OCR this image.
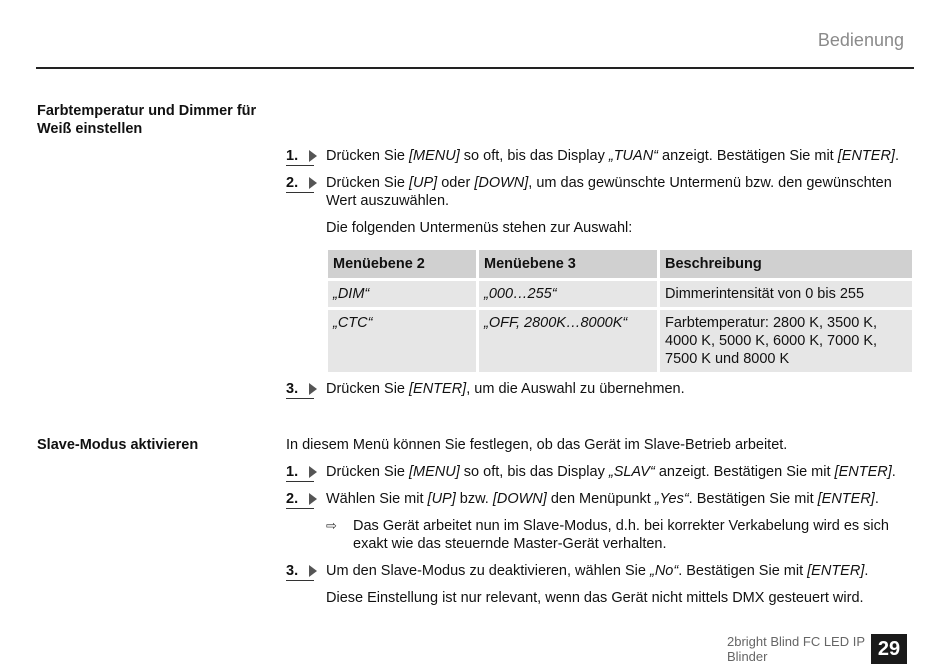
Bedienung
Farbtemperatur und Dimmer für Weiß einstellen
1.	Drücken Sie [MENU] so oft, bis das Display „TUAN“ anzeigt. Bestätigen Sie mit [ENTER].
2.	Drücken Sie [UP] oder [DOWN], um das gewünschte Untermenü bzw. den gewünschten Wert auszuwählen.
Die folgenden Untermenüs stehen zur Auswahl:
Menüebene 2	Menüebene 3	Beschreibung
„DIM“	„000…255“	Dimmerintensität von 0 bis 255
„CTC“	„OFF, 2800K…8000K“	Farbtemperatur: 2800 K, 3500 K, 4000 K, 5000 K, 6000 K, 7000 K, 7500 K und 8000 K
3.	Drücken Sie [ENTER], um die Auswahl zu übernehmen.
Slave-Modus aktivieren	In diesem Menü können Sie festlegen, ob das Gerät im Slave-Betrieb arbeitet.
1.	Drücken Sie [MENU] so oft, bis das Display „SLAV“ anzeigt. Bestätigen Sie mit [ENTER].
2.	Wählen Sie mit [UP] bzw. [DOWN] den Menüpunkt „Yes“. Bestätigen Sie mit [ENTER].
⇨	Das Gerät arbeitet nun im Slave-Modus, d.h. bei korrekter Verkabelung wird es sich exakt wie das steuernde Master-Gerät verhalten.
3.	Um den Slave-Modus zu deaktivieren, wählen Sie „No“. Bestätigen Sie mit [ENTER].
Diese Einstellung ist nur relevant, wenn das Gerät nicht mittels DMX gesteuert wird.
2bright Blind FC LED IP Blinder	29
